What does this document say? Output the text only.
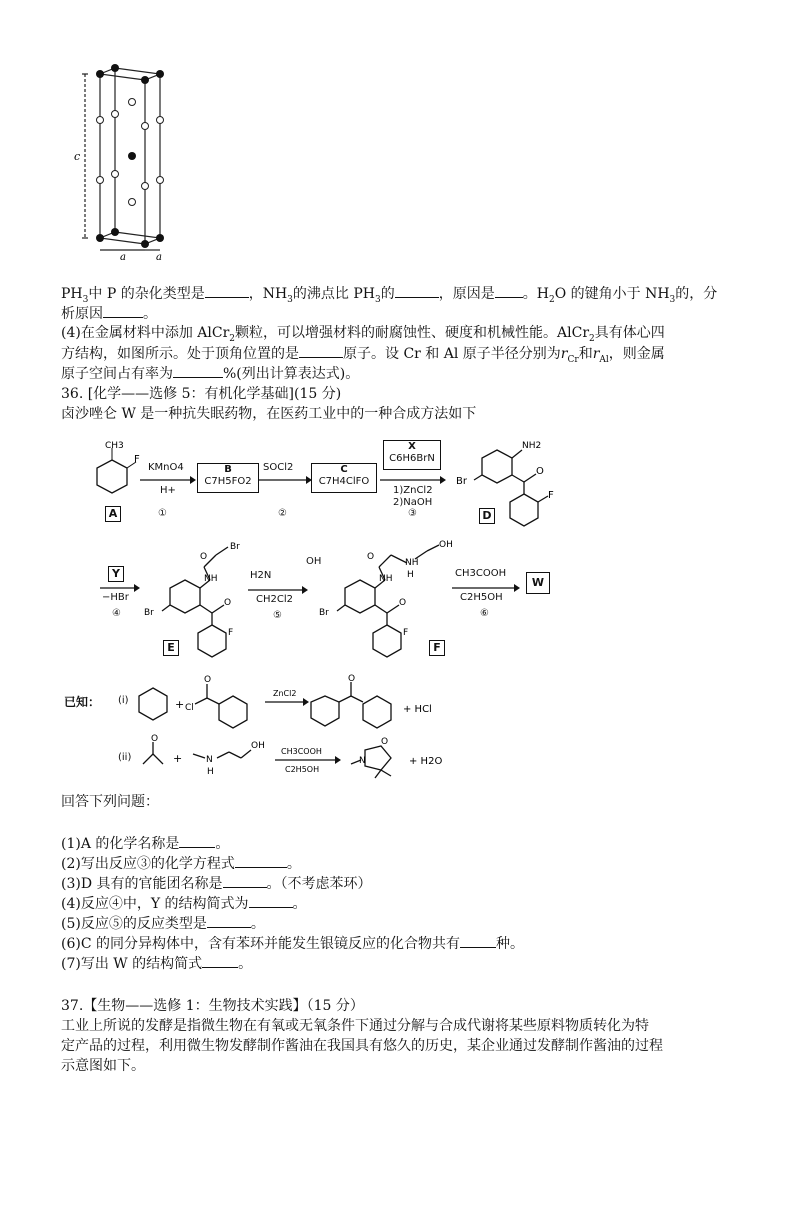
c
a	a
$PH_3$中 P 的杂化类型是	，$NH_3$的沸点比 $PH_3$的	，原因是 。$H_2O$ 的键角小于 $NH_3$的，分
析原因	。
(4)在金属材料中添加 AlCr$_2$颗粒，可以增强材料的耐腐蚀性、硬度和机械性能。AlCr$_2$具有体心四
方结构，如图所示。处于顶角位置的是	原子。设 Cr 和 Al 原子半径分别为$r_{Cr}$和$r_{Al}$，则金属
原子空间占有率为	%(列出计算表达式)。
36. [化学——选修 5：有机化学基础](15 分)
卤沙唑仑 W 是一种抗失眠药物，在医药工业中的一种合成方法如下
CH3
F
A
KMnO4
H+
①
B
C7H5FO2
SOCl2
②
C
C7H4ClFO
X
C6H6BrN
1)ZnCl2
2)NaOH
③
NH2
O
F
Br
D
Y
−HBr
④
O
Br
NH
O
F
Br
E
H2N
OH
CH2Cl2
⑤
O
NH
NH
H
OH
O
F
Br
F
CH3COOH
C2H5OH
⑥
W
已知： (i)	+ Cl
O	O
ZnCl2
+ HCl
(ii)
O
+	N
H
OH
CH3COOH
C2H5OH
N
O
+ H2O
回答下列问题：
(1)A 的化学名称是	。
(2)写出反应③的化学方程式	。
(3)D 具有的官能团名称是	。（不考虑苯环）
(4)反应④中，Y 的结构简式为	。
(5)反应⑤的反应类型是	。
(6)C 的同分异构体中，含有苯环并能发生银镜反应的化合物共有	种。
(7)写出 W 的结构简式	。
37.【生物——选修 1：生物技术实践】（15 分）
工业上所说的发酵是指微生物在有氧或无氧条件下通过分解与合成代谢将某些原料物质转化为特
定产品的过程，利用微生物发酵制作酱油在我国具有悠久的历史，某企业通过发酵制作酱油的过程
示意图如下。
